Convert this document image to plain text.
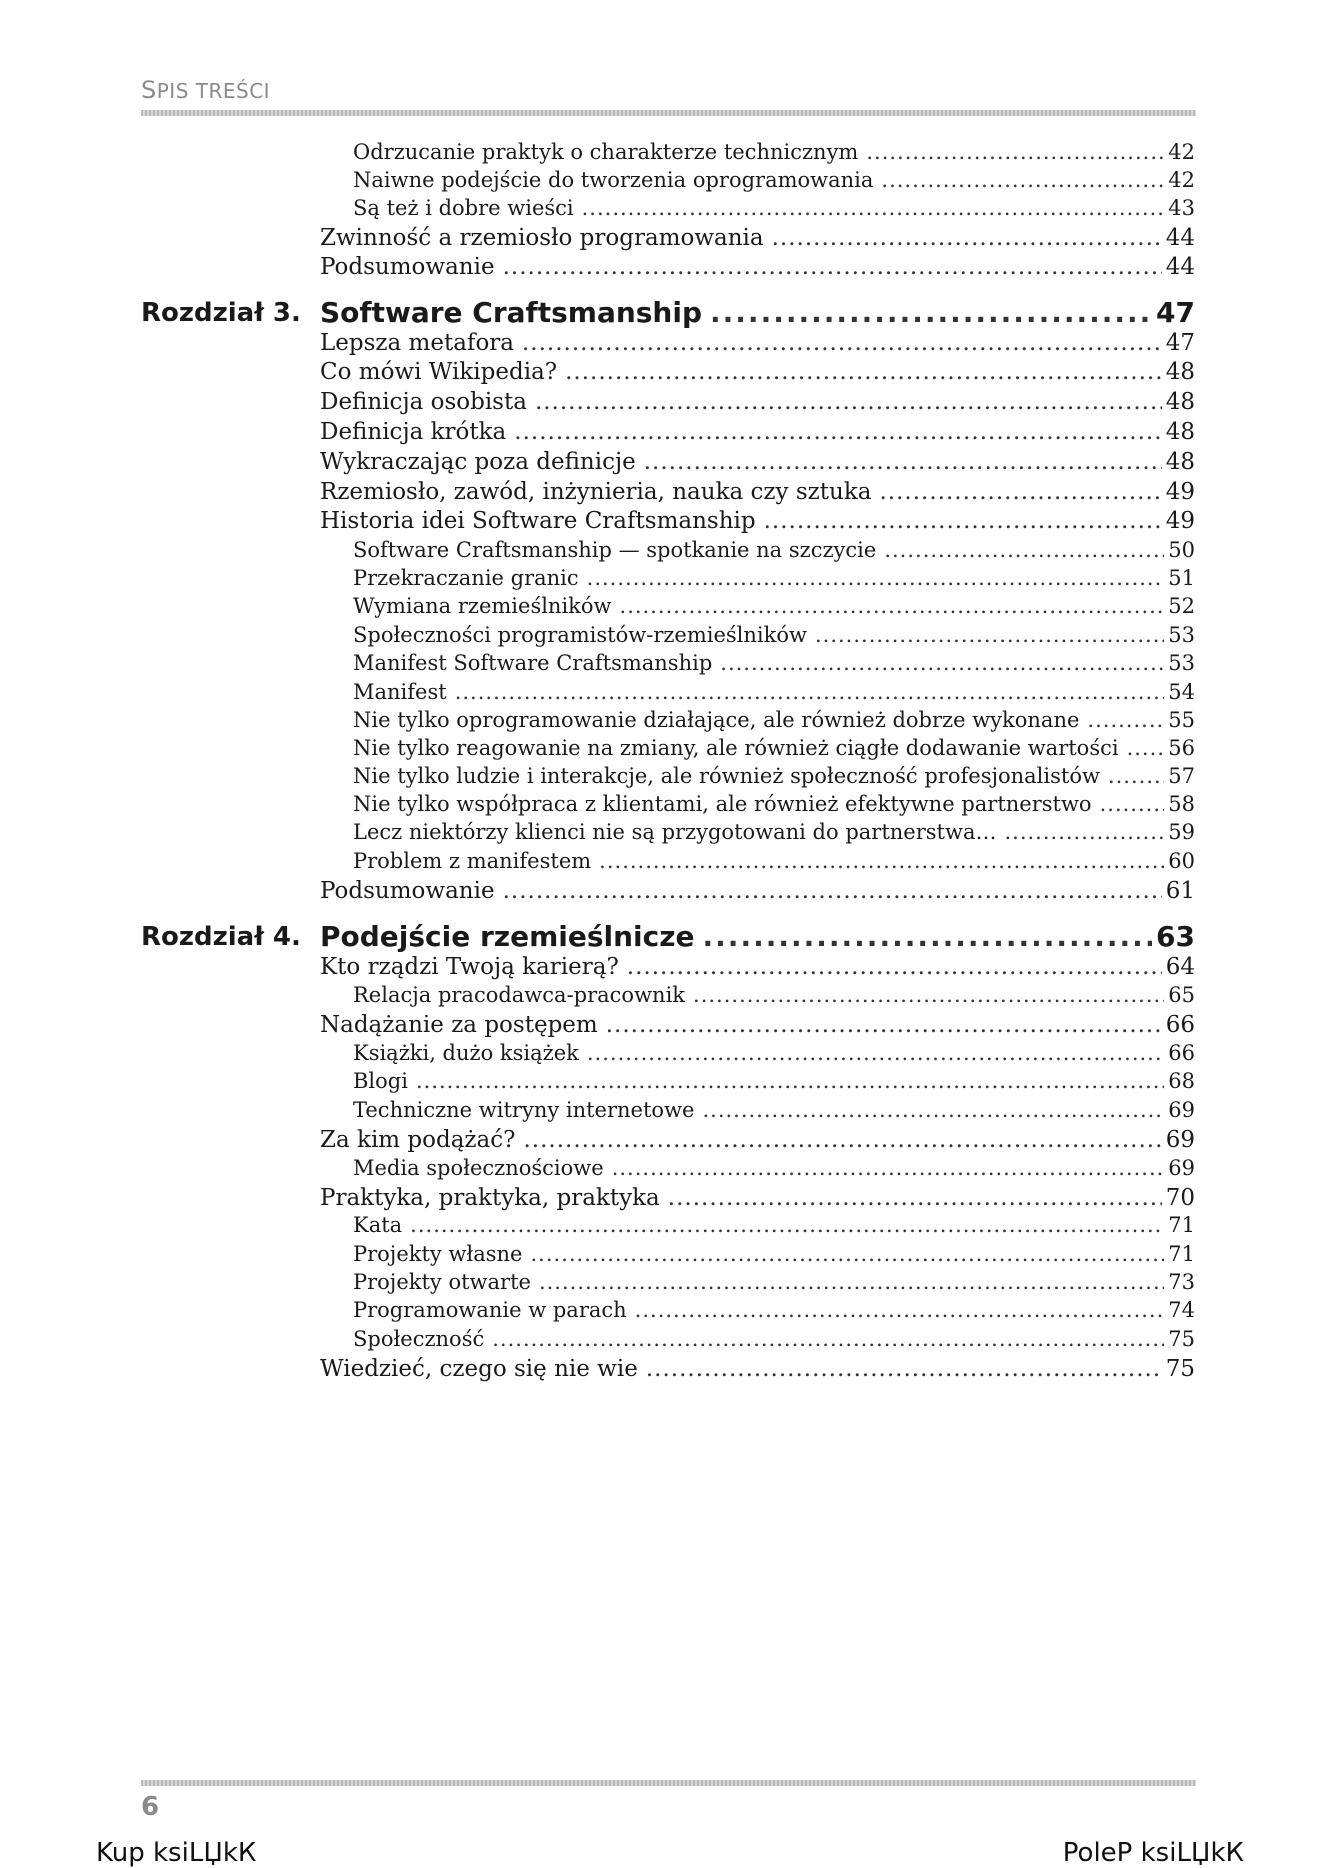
SPIS TREŚCI
Odrzucanie praktyk o charakterze technicznym .....	42
Naiwne podejście do tworzenia oprogramowania .....	42
Są też i dobre wieści .....	43
Zwinność a rzemiosło programowania .....	44
Podsumowanie .....	44
Rozdział 3. Software Craftsmanship .....	47
Lepsza metafora .....	47
Co mówi Wikipedia? .....	48
Definicja osobista .....	48
Definicja krótka .....	48
Wykraczając poza definicje .....	48
Rzemiosło, zawód, inżynieria, nauka czy sztuka .....	49
Historia idei Software Craftsmanship .....	49
Software Craftsmanship — spotkanie na szczycie .....	50
Przekraczanie granic .....	51
Wymiana rzemieślników .....	52
Społeczności programistów-rzemieślników .....	53
Manifest Software Craftsmanship .....	53
Manifest .....	54
Nie tylko oprogramowanie działające, ale również dobrze wykonane .....	55
Nie tylko reagowanie na zmiany, ale również ciągłe dodawanie wartości ..... 56
Nie tylko ludzie i interakcje, ale również społeczność profesjonalistów .....	57
Nie tylko współpraca z klientami, ale również efektywne partnerstwo .....	58
Lecz niektórzy klienci nie są przygotowani do partnerstwa… .....	59
Problem z manifestem .....	60
Podsumowanie .....	61
Rozdział 4. Podejście rzemieślnicze .....	63
Kto rządzi Twoją karierą? .....	64
Relacja pracodawca-pracownik .....	65
Nadążanie za postępem .....	66
Książki, dużo książek .....	66
Blogi .....	68
Techniczne witryny internetowe .....	69
Za kim podążać? .....	69
Media społecznościowe .....	69
Praktyka, praktyka, praktyka .....	70
Kata .....	71
Projekty własne .....	71
Projekty otwarte .....	73
Programowanie w parach .....	74
Społeczność .....	75
Wiedzieć, czego się nie wie .....	75
6
Kup ksiLЏkК	PoleР ksiLЏkК
